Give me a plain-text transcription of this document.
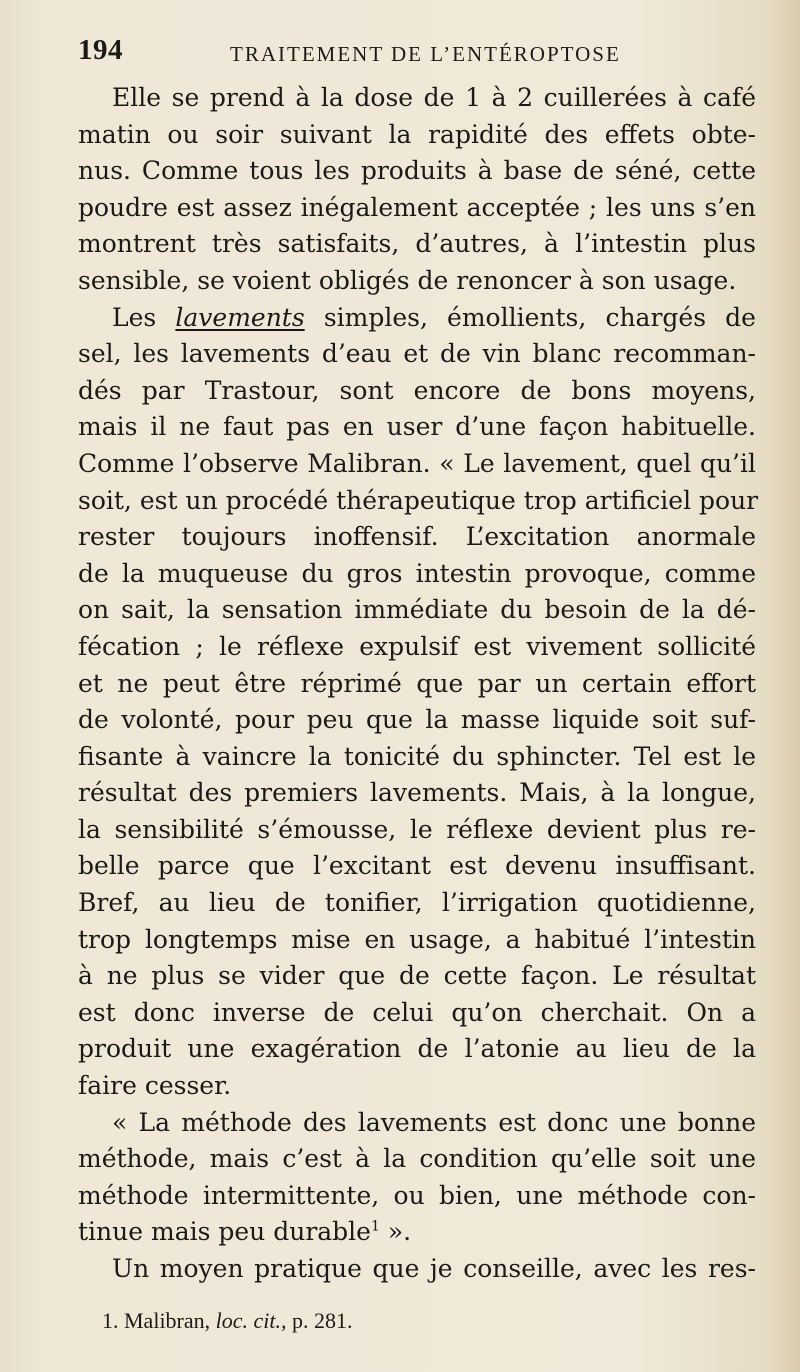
194	TRAITEMENT DE L’ENTÉROPTOSE
Elle se prend à la dose de 1 à 2 cuillerées à café
matin ou soir suivant la rapidité des effets obte-
nus. Comme tous les produits à base de séné, cette
poudre est assez inégalement acceptée ; les uns s’en
montrent très satisfaits, d’autres, à l’intestin plus
sensible, se voient obligés de renoncer à son usage.
Les lavements simples, émollients, chargés de
sel, les lavements d’eau et de vin blanc recomman-
dés par Trastour, sont encore de bons moyens,
mais il ne faut pas en user d’une façon habituelle.
Comme l’observe Malibran. « Le lavement, quel qu’il
soit, est un procédé thérapeutique trop artificiel pour
rester toujours inoffensif. L’excitation anormale
de la muqueuse du gros intestin provoque, comme
on sait, la sensation immédiate du besoin de la dé-
fécation ; le réflexe expulsif est vivement sollicité
et ne peut être réprimé que par un certain effort
de volonté, pour peu que la masse liquide soit suf-
fisante à vaincre la tonicité du sphincter. Tel est le
résultat des premiers lavements. Mais, à la longue,
la sensibilité s’émousse, le réflexe devient plus re-
belle parce que l’excitant est devenu insuffisant.
Bref, au lieu de tonifier, l’irrigation quotidienne,
trop longtemps mise en usage, a habitué l’intestin
à ne plus se vider que de cette façon. Le résultat
est donc inverse de celui qu’on cherchait. On a
produit une exagération de l’atonie au lieu de la
faire cesser.
« La méthode des lavements est donc une bonne
méthode, mais c’est à la condition qu’elle soit une
méthode intermittente, ou bien, une méthode con-
tinue mais peu durable$^1$ ».
Un moyen pratique que je conseille, avec les res-
1. Malibran, loc. cit., p. 281.
